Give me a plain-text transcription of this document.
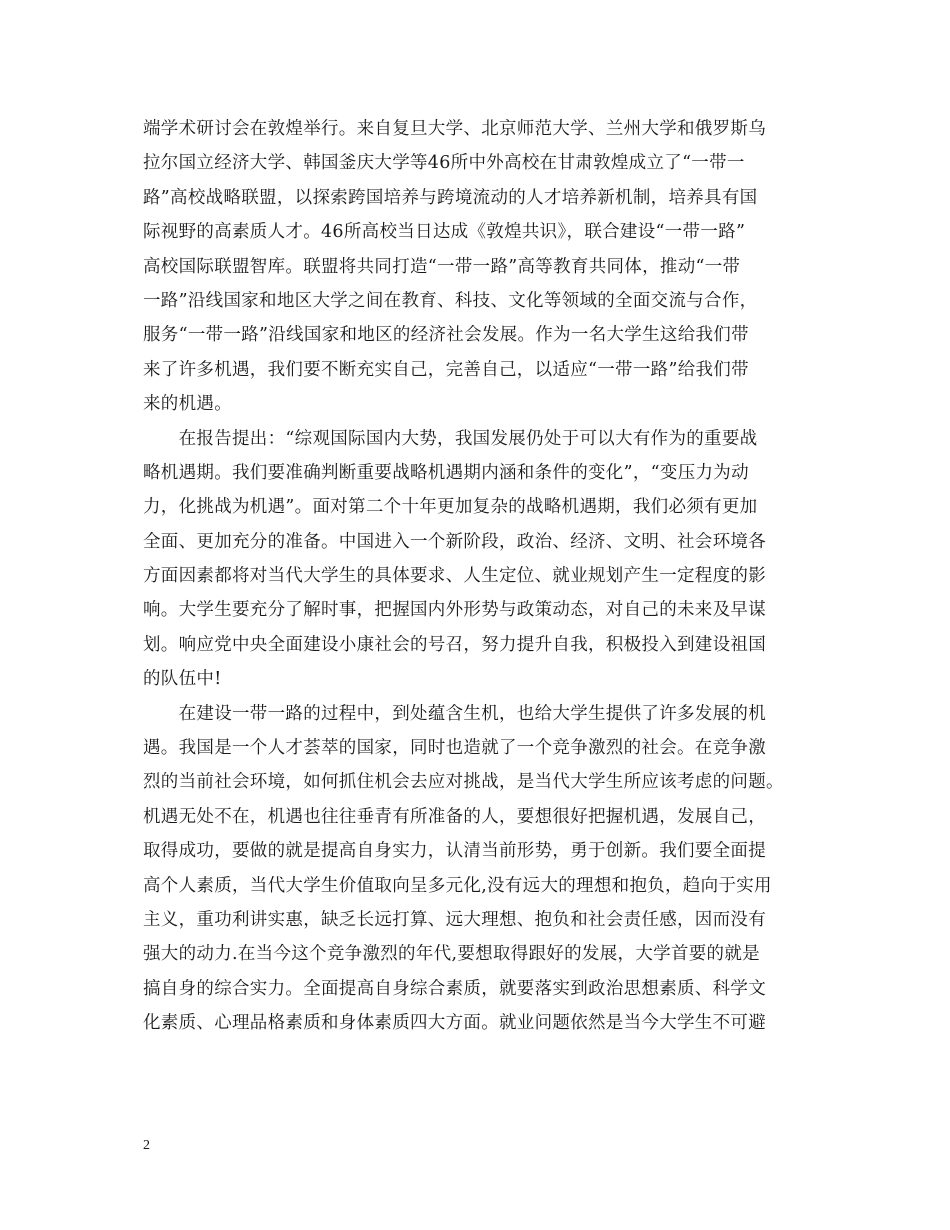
端学术研讨会在敦煌举行。来自复旦大学、北京师范大学、兰州大学和俄罗斯乌
拉尔国立经济大学、韩国釜庆大学等46所中外高校在甘肃敦煌成立了“一带一
路”高校战略联盟，以探索跨国培养与跨境流动的人才培养新机制，培养具有国
际视野的高素质人才。46所高校当日达成《敦煌共识》，联合建设“一带一路”
高校国际联盟智库。联盟将共同打造“一带一路”高等教育共同体，推动“一带
一路”沿线国家和地区大学之间在教育、科技、文化等领域的全面交流与合作，
服务“一带一路”沿线国家和地区的经济社会发展。作为一名大学生这给我们带
来了许多机遇，我们要不断充实自己，完善自己，以适应“一带一路”给我们带
来的机遇。
　　在报告提出：“综观国际国内大势，我国发展仍处于可以大有作为的重要战
略机遇期。我们要准确判断重要战略机遇期内涵和条件的变化”，“变压力为动
力，化挑战为机遇”。面对第二个十年更加复杂的战略机遇期，我们必须有更加
全面、更加充分的准备。中国进入一个新阶段，政治、经济、文明、社会环境各
方面因素都将对当代大学生的具体要求、人生定位、就业规划产生一定程度的影
响。大学生要充分了解时事，把握国内外形势与政策动态，对自己的未来及早谋
划。响应党中央全面建设小康社会的号召，努力提升自我，积极投入到建设祖国
的队伍中!
　　在建设一带一路的过程中，到处蕴含生机，也给大学生提供了许多发展的机
遇。我国是一个人才荟萃的国家，同时也造就了一个竞争激烈的社会。在竞争激
烈的当前社会环境，如何抓住机会去应对挑战，是当代大学生所应该考虑的问题。
机遇无处不在，机遇也往往垂青有所准备的人，要想很好把握机遇，发展自己，
取得成功，要做的就是提高自身实力，认清当前形势，勇于创新。我们要全面提
高个人素质，当代大学生价值取向呈多元化,没有远大的理想和抱负，趋向于实用
主义，重功利讲实惠，缺乏长远打算、远大理想、抱负和社会责任感，因而没有
强大的动力.在当今这个竞争激烈的年代,要想取得跟好的发展，大学首要的就是
搞自身的综合实力。全面提高自身综合素质，就要落实到政治思想素质、科学文
化素质、心理品格素质和身体素质四大方面。就业问题依然是当今大学生不可避
2
